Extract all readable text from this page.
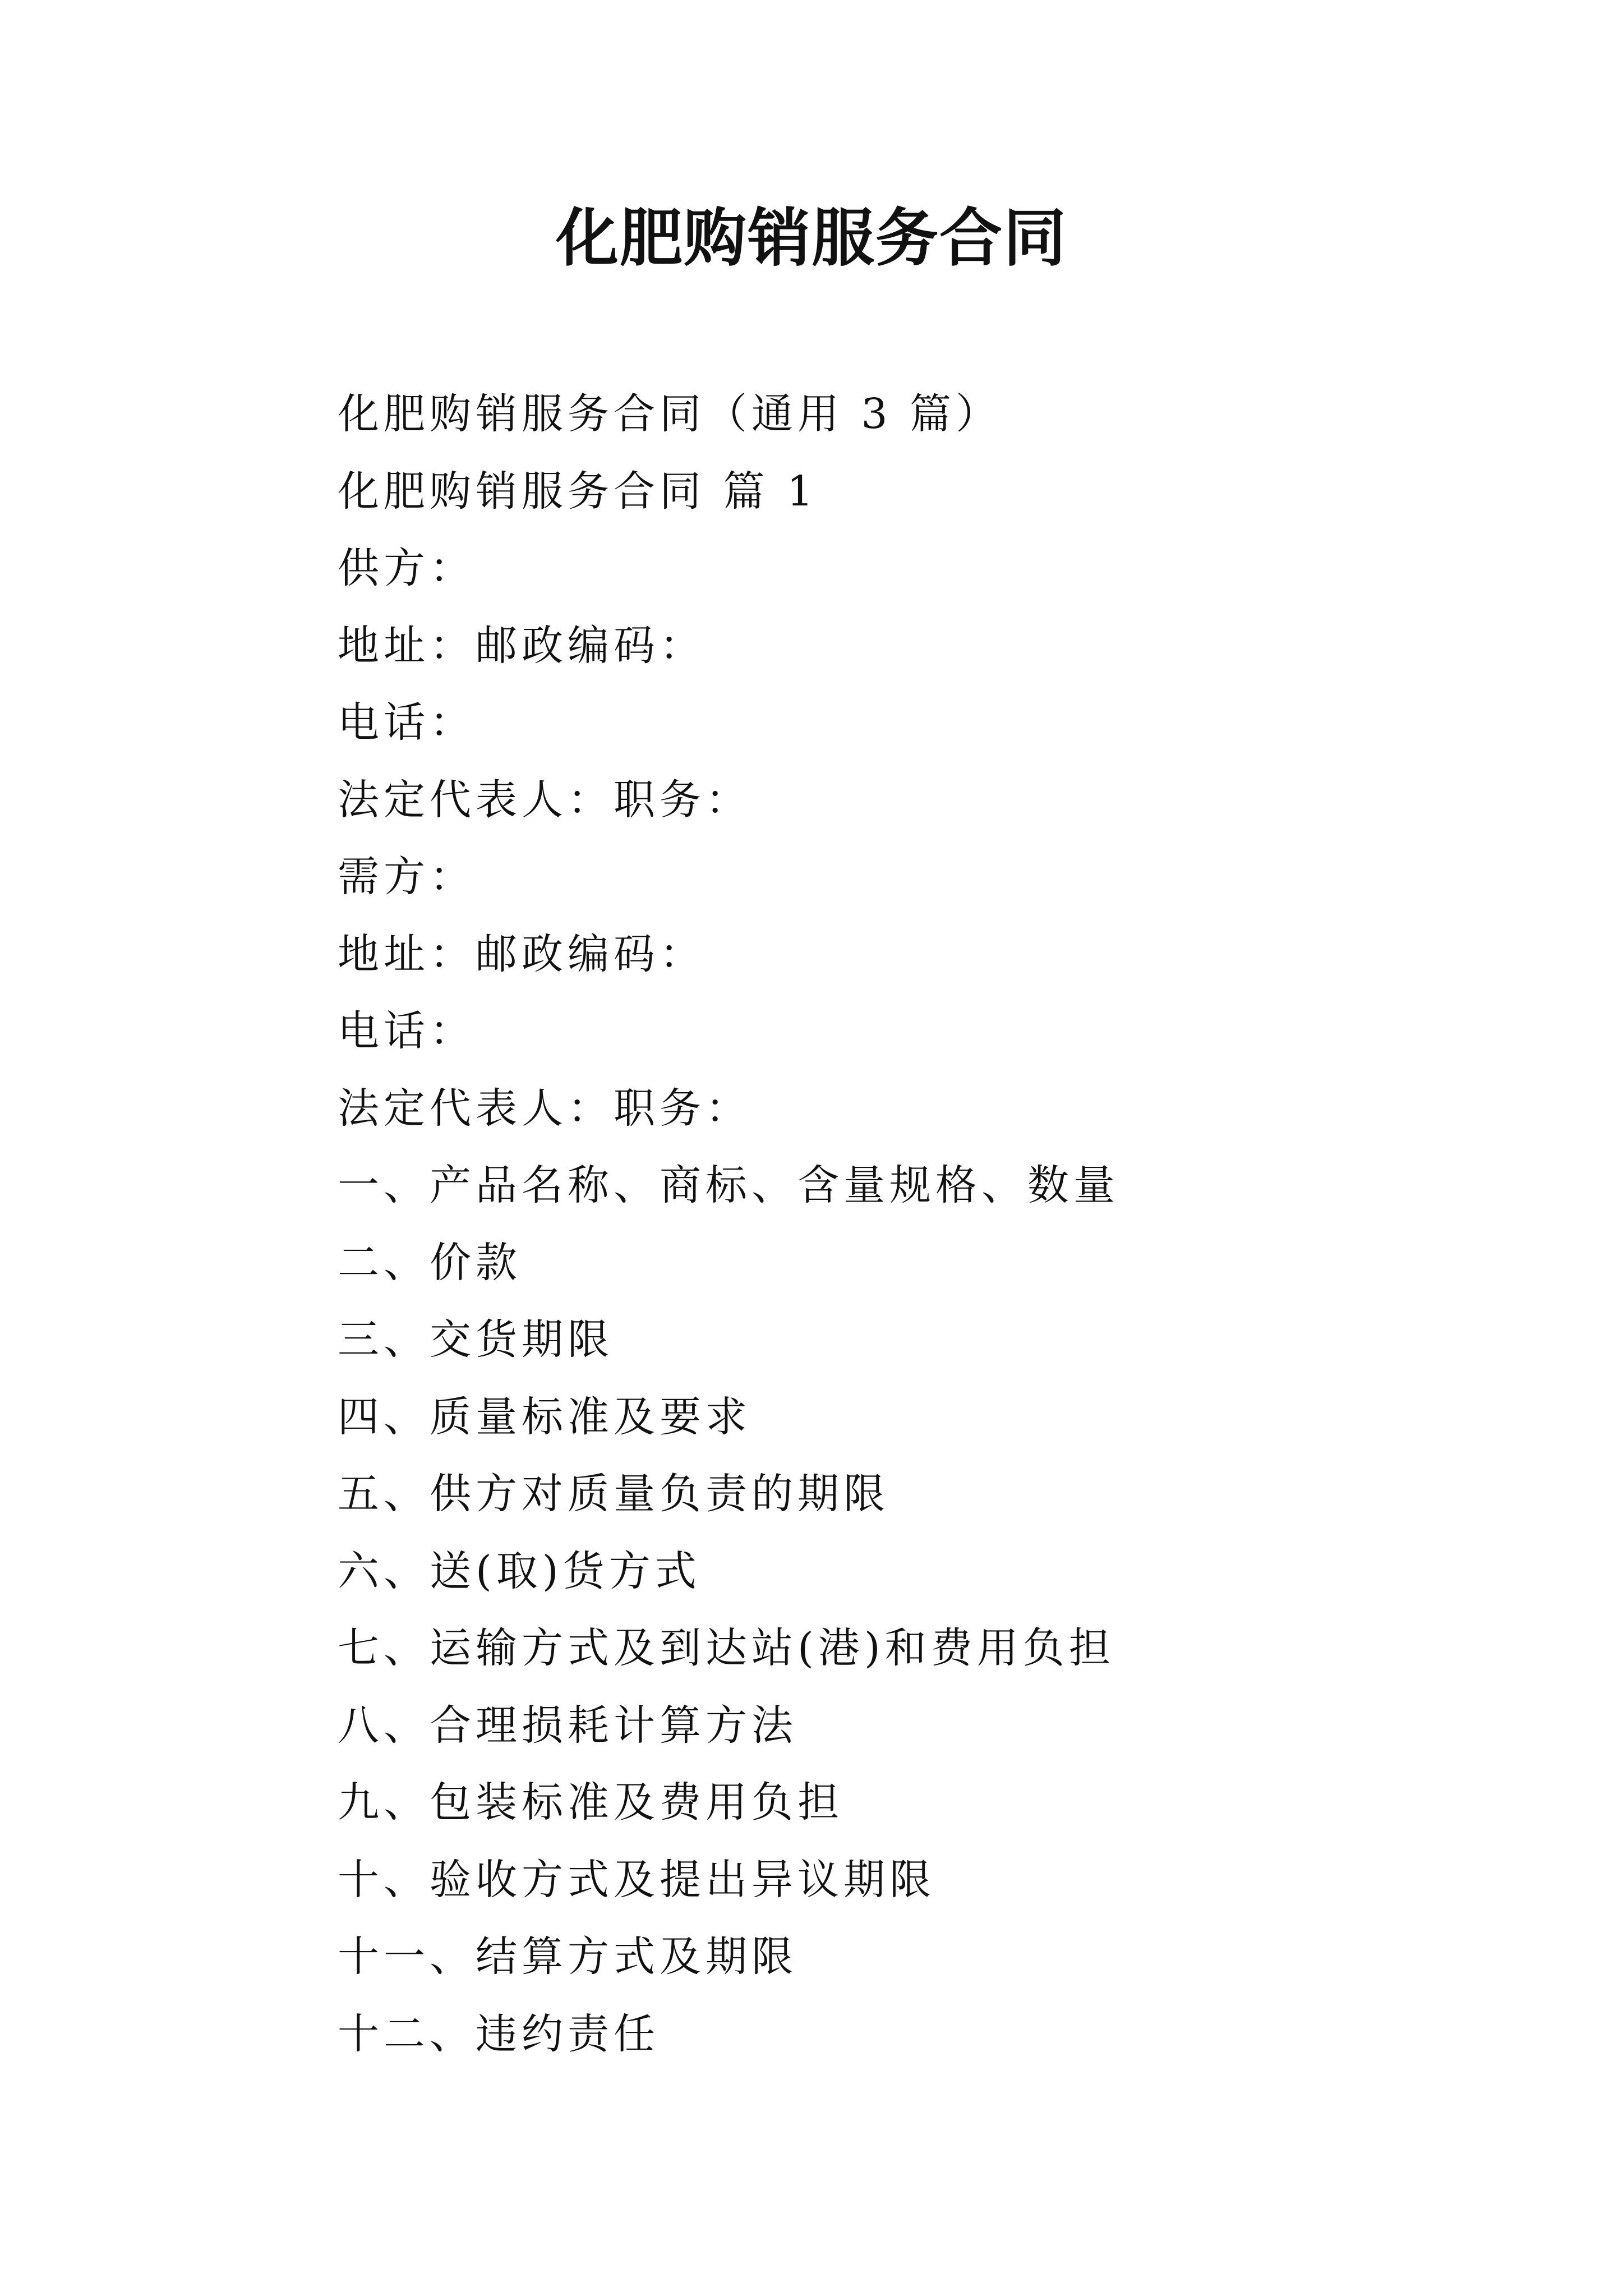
化肥购销服务合同

化肥购销服务合同（通用 3 篇）

化肥购销服务合同 篇 1

供方：

地址：邮政编码：

电话：

法定代表人：职务：

需方：

地址：邮政编码：

电话：

法定代表人：职务：

一、产品名称、商标、含量规格、数量

二、价款

三、交货期限

四、质量标准及要求

五、供方对质量负责的期限

六、送(取)货方式

七、运输方式及到达站(港)和费用负担

八、合理损耗计算方法

九、包装标准及费用负担

十、验收方式及提出异议期限

十一、结算方式及期限

十二、违约责任
